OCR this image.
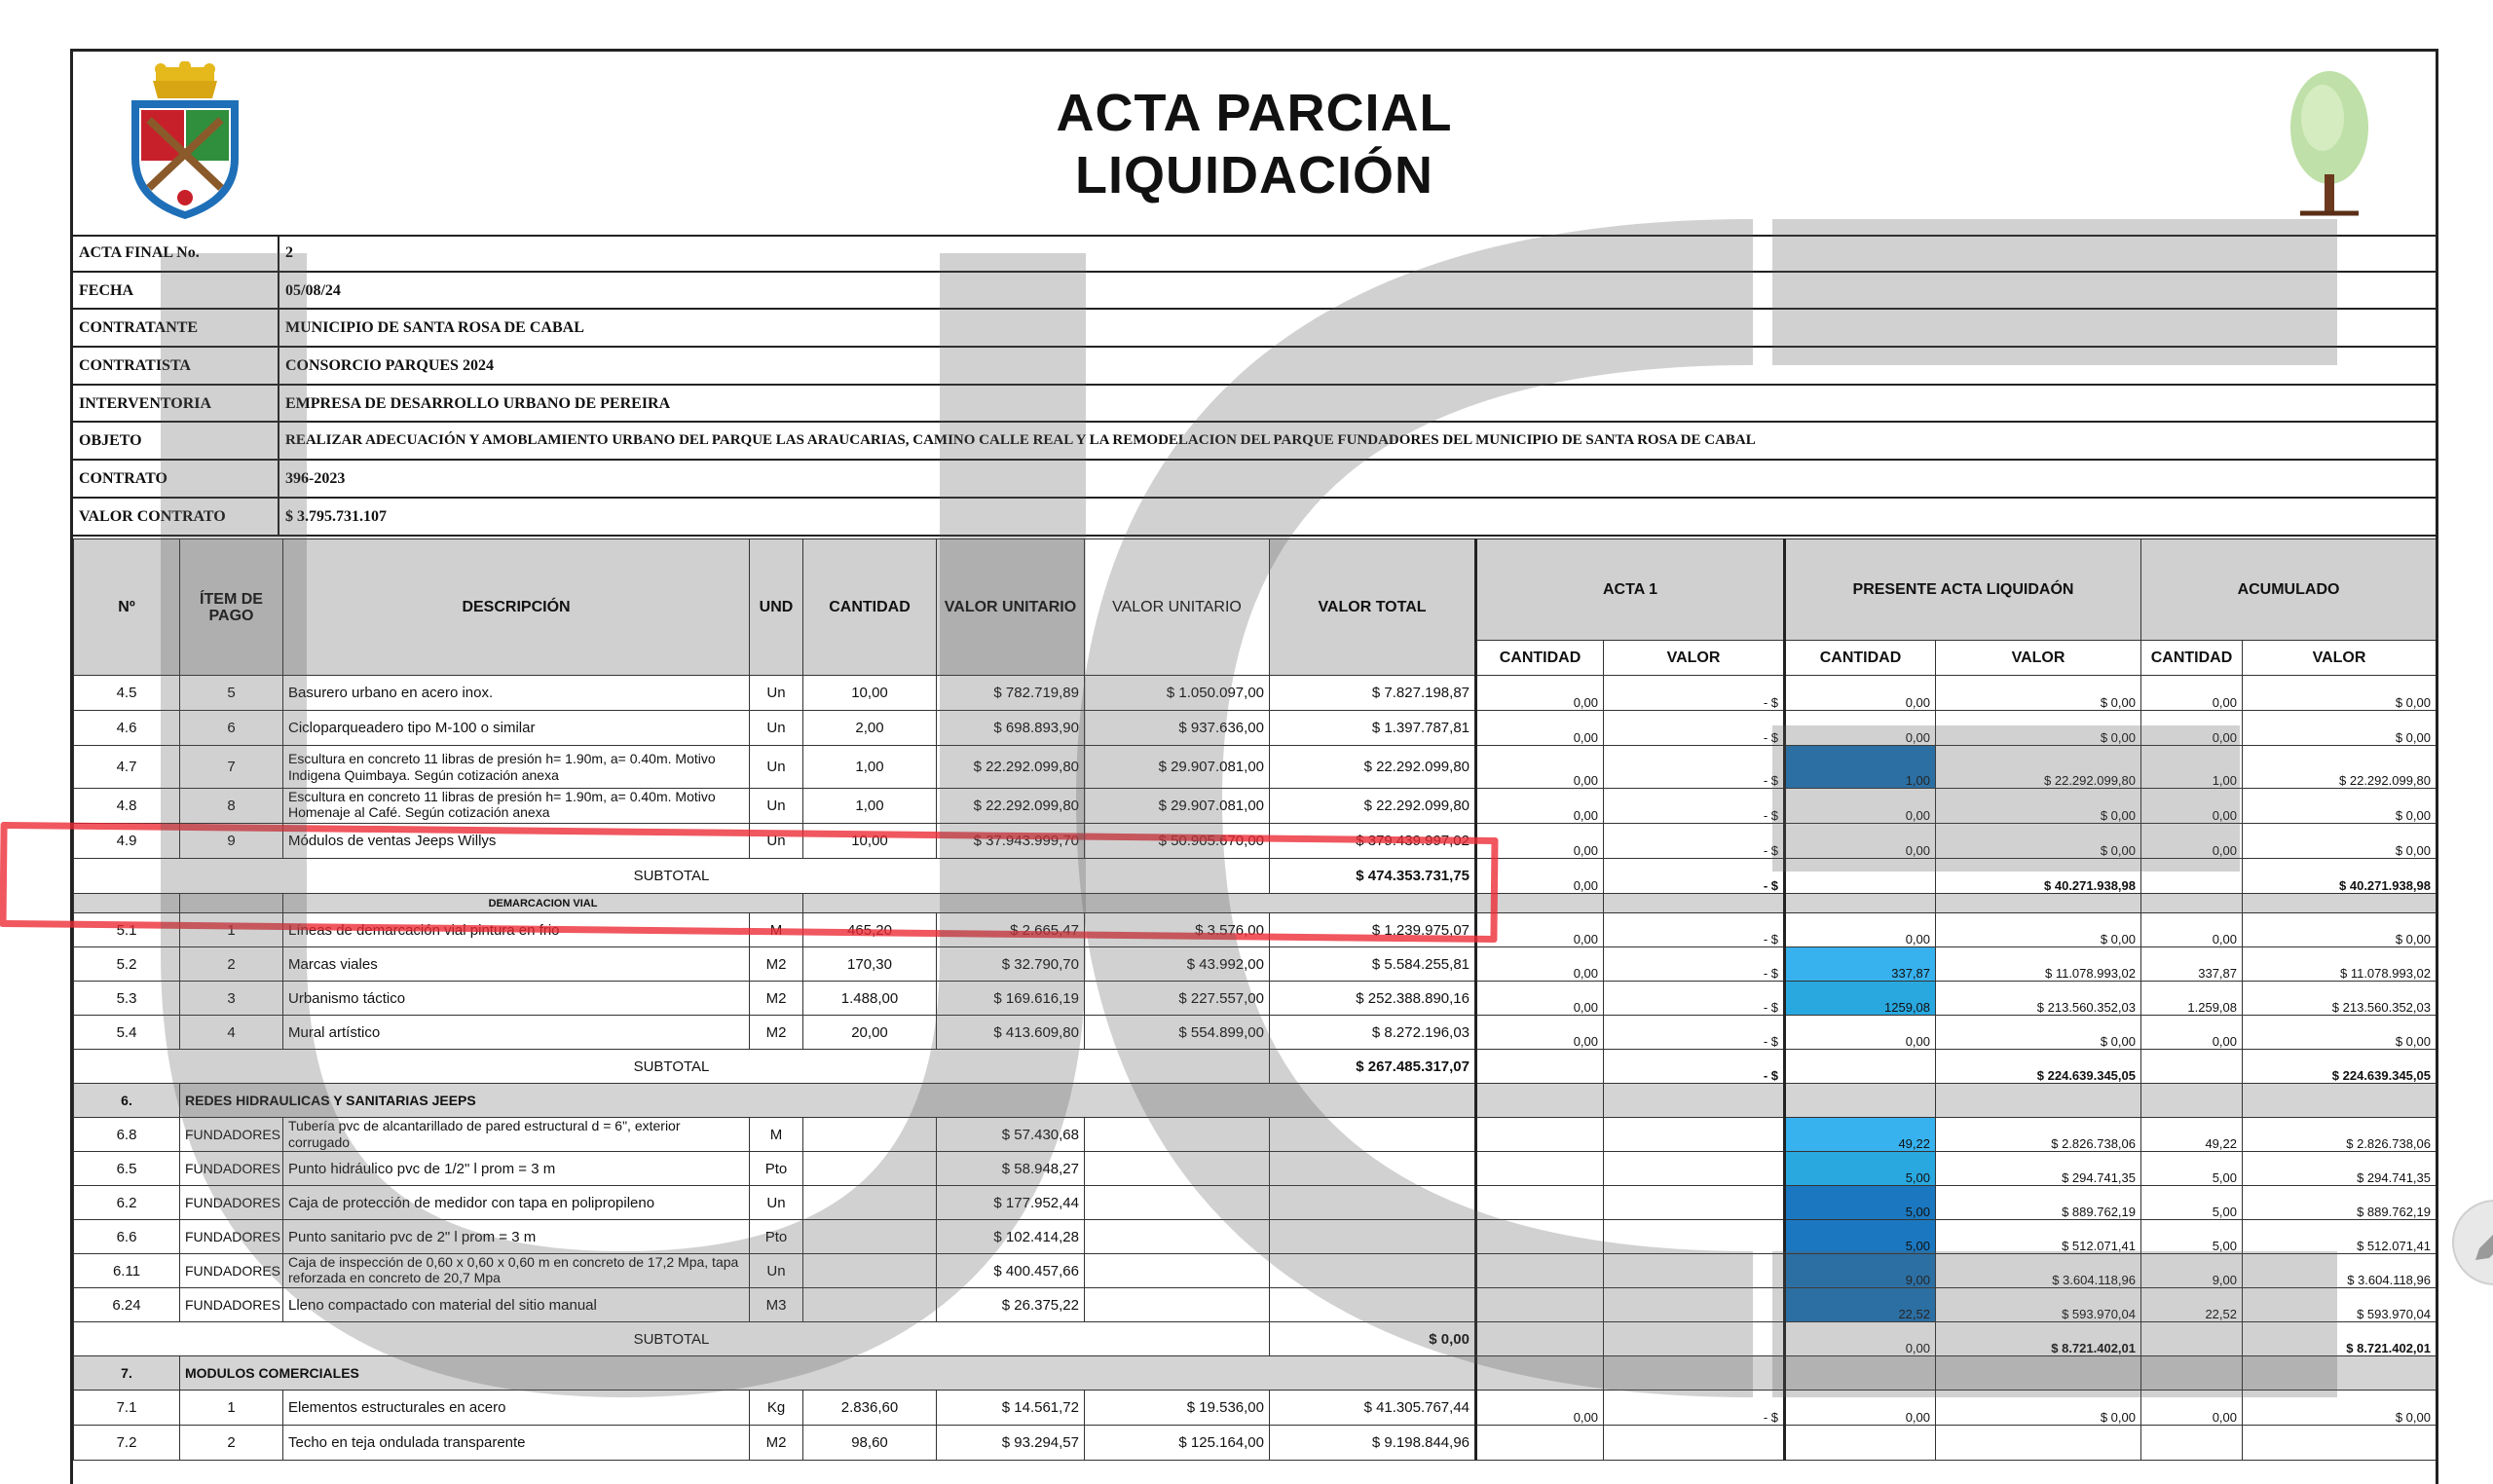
ACTA PARCIAL
LIQUIDACIÓN
ACTA FINAL No.	2
FECHA	05/08/24
CONTRATANTE	MUNICIPIO DE SANTA ROSA DE CABAL
CONTRATISTA	CONSORCIO PARQUES 2024
INTERVENTORIA	EMPRESA DE DESARROLLO URBANO DE PEREIRA
OBJETO	REALIZAR ADECUACIÓN Y AMOBLAMIENTO URBANO DEL PARQUE LAS ARAUCARIAS, CAMINO CALLE REAL Y LA REMODELACION DEL PARQUE FUNDADORES DEL MUNICIPIO DE SANTA ROSA DE CABAL
CONTRATO	396-2023
VALOR CONTRATO	$ 3.795.731.107
Nº	ÍTEM DE PAGO	DESCRIPCIÓN	UND	CANTIDAD	VALOR UNITARIO	VALOR UNITARIO	VALOR TOTAL	ACTA 1		PRESENTE ACTA LIQUIDAÓN		ACUMULADO	
								CANTIDAD	VALOR	CANTIDAD	VALOR	CANTIDAD	VALOR
4.5	5	Basurero urbano en acero inox.	Un	10,00	$ 782.719,89	$ 1.050.097,00	$ 7.827.198,87	0,00	- $	0,00	$ 0,00	0,00	$ 0,00
4.6	6	Cicloparqueadero tipo M-100 o similar	Un	2,00	$ 698.893,90	$ 937.636,00	$ 1.397.787,81	0,00	- $	0,00	$ 0,00	0,00	$ 0,00
4.7	7	Escultura en concreto 11 libras de presión h= 1.90m, a= 0.40m. Motivo Indigena Quimbaya. Según cotización anexa	Un	1,00	$ 22.292.099,80	$ 29.907.081,00	$ 22.292.099,80	0,00	- $	1,00	$ 22.292.099,80	1,00	$ 22.292.099,80
4.8	8	Escultura en concreto 11 libras de presión h= 1.90m, a= 0.40m. Motivo Homenaje al Café. Según cotización anexa	Un	1,00	$ 22.292.099,80	$ 29.907.081,00	$ 22.292.099,80	0,00	- $	0,00	$ 0,00	0,00	$ 0,00
4.9	9	Módulos de ventas Jeeps Willys	Un	10,00	$ 37.943.999,70	$ 50.905.670,00	$ 379.439.997,02	0,00	- $	0,00	$ 0,00	0,00	$ 0,00
SUBTOTAL							$ 474.353.731,75	0,00	- $		$ 40.271.938,98		$ 40.271.938,98
		DEMARCACION VIAL											
5.1	1	Líneas de demarcación vial pintura en frio	M	465,20	$ 2.665,47	$ 3.576,00	$ 1.239.975,07	0,00	- $	0,00	$ 0,00	0,00	$ 0,00
5.2	2	Marcas viales	M2	170,30	$ 32.790,70	$ 43.992,00	$ 5.584.255,81	0,00	- $	337,87	$ 11.078.993,02	337,87	$ 11.078.993,02
5.3	3	Urbanismo táctico	M2	1.488,00	$ 169.616,19	$ 227.557,00	$ 252.388.890,16	0,00	- $	1259,08	$ 213.560.352,03	1.259,08	$ 213.560.352,03
5.4	4	Mural artístico	M2	20,00	$ 413.609,80	$ 554.899,00	$ 8.272.196,03	0,00	- $	0,00	$ 0,00	0,00	$ 0,00
SUBTOTAL							$ 267.485.317,07		- $		$ 224.639.345,05		$ 224.639.345,05
6.	REDES HIDRAULICAS Y SANITARIAS JEEPS												
6.8	FUNDADORES	Tubería pvc de alcantarillado de pared estructural d = 6", exterior corrugado	M		$ 57.430,68					49,22	$ 2.826.738,06	49,22	$ 2.826.738,06
6.5	FUNDADORES	Punto hidráulico pvc de 1/2" l prom = 3 m	Pto		$ 58.948,27					5,00	$ 294.741,35	5,00	$ 294.741,35
6.2	FUNDADORES	Caja de protección de medidor con tapa en polipropileno	Un		$ 177.952,44					5,00	$ 889.762,19	5,00	$ 889.762,19
6.6	FUNDADORES	Punto sanitario pvc de 2" l prom = 3 m	Pto		$ 102.414,28					5,00	$ 512.071,41	5,00	$ 512.071,41
6.11	FUNDADORES	Caja de inspección de 0,60 x 0,60 x 0,60 m en concreto de 17,2 Mpa, tapa reforzada en concreto de 20,7 Mpa	Un		$ 400.457,66					9,00	$ 3.604.118,96	9,00	$ 3.604.118,96
6.24	FUNDADORES	Lleno compactado con material del sitio manual	M3		$ 26.375,22					22,52	$ 593.970,04	22,52	$ 593.970,04
SUBTOTAL							$ 0,00			0,00	$ 8.721.402,01		$ 8.721.402,01
7.	MODULOS COMERCIALES												
7.1	1	Elementos estructurales en acero	Kg	2.836,60	$ 14.561,72	$ 19.536,00	$ 41.305.767,44	0,00	- $	0,00	$ 0,00	0,00	$ 0,00
7.2	2	Techo en teja ondulada transparente	M2	98,60	$ 93.294,57	$ 125.164,00	$ 9.198.844,96						
